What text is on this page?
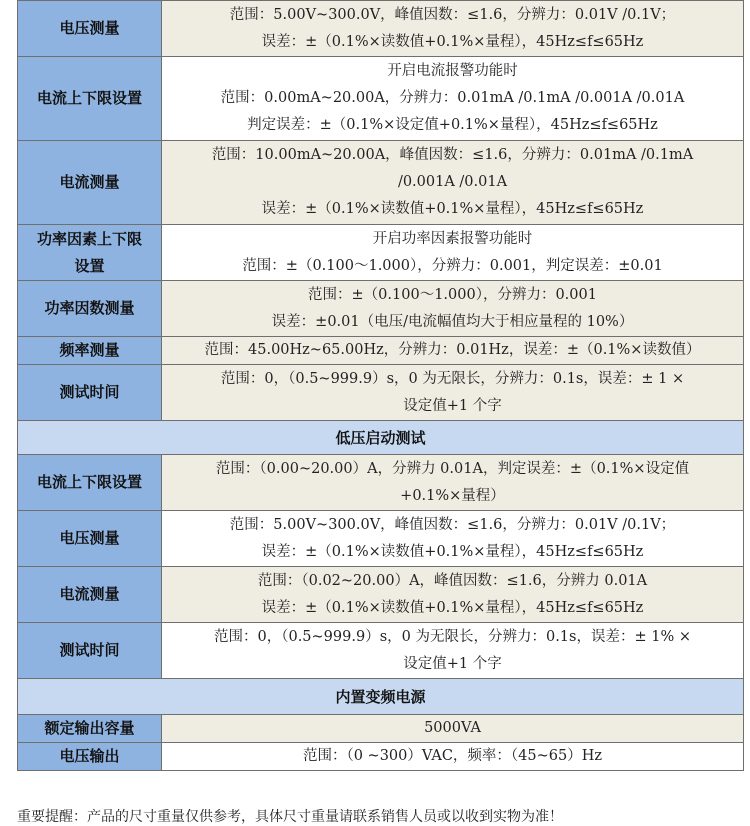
电压测量	范围：5.00V~300.0V，峰值因数：≤1.6，分辨力：0.01V /0.1V；
误差：±（0.1%×读数值+0.1%×量程），45Hz≤f≤65Hz

电流上下限设置	开启电流报警功能时
范围：0.00mA~20.00A，分辨力：0.01mA /0.1mA /0.001A /0.01A
判定误差：±（0.1%×设定值+0.1%×量程），45Hz≤f≤65Hz

电流测量	范围：10.00mA~20.00A，峰值因数：≤1.6，分辨力：0.01mA /0.1mA
/0.001A /0.01A
误差：±（0.1%×读数值+0.1%×量程），45Hz≤f≤65Hz

功率因素上下限
设置	开启功率因素报警功能时
范围：±（0.100～1.000），分辨力：0.001，判定误差：±0.01

功率因数测量	范围：±（0.100～1.000），分辨力：0.001
误差：±0.01（电压/电流幅值均大于相应量程的 10%）

频率测量	范围：45.00Hz~65.00Hz，分辨力：0.01Hz，误差：±（0.1%×读数值）

测试时间	范围：0，（0.5~999.9）s，0 为无限长，分辨力：0.1s，误差：± 1 ×
设定值+1 个字

低压启动测试	
电流上下限设置	范围：（0.00~20.00）A，分辨力 0.01A，判定误差：±（0.1%×设定值
+0.1%×量程）

电压测量	范围：5.00V~300.0V，峰值因数：≤1.6，分辨力：0.01V /0.1V；
误差：±（0.1%×读数值+0.1%×量程），45Hz≤f≤65Hz

电流测量	范围：（0.02~20.00）A，峰值因数：≤1.6，分辨力 0.01A
误差：±（0.1%×读数值+0.1%×量程），45Hz≤f≤65Hz

测试时间	范围：0，（0.5~999.9）s，0 为无限长，分辨力：0.1s，误差：± 1% ×
设定值+1 个字

内置变频电源	
额定输出容量	5000VA

电压输出	范围：（0 ~300）VAC，频率：（45~65）Hz
重要提醒：产品的尺寸重量仅供参考，具体尺寸重量请联系销售人员或以收到实物为准！
